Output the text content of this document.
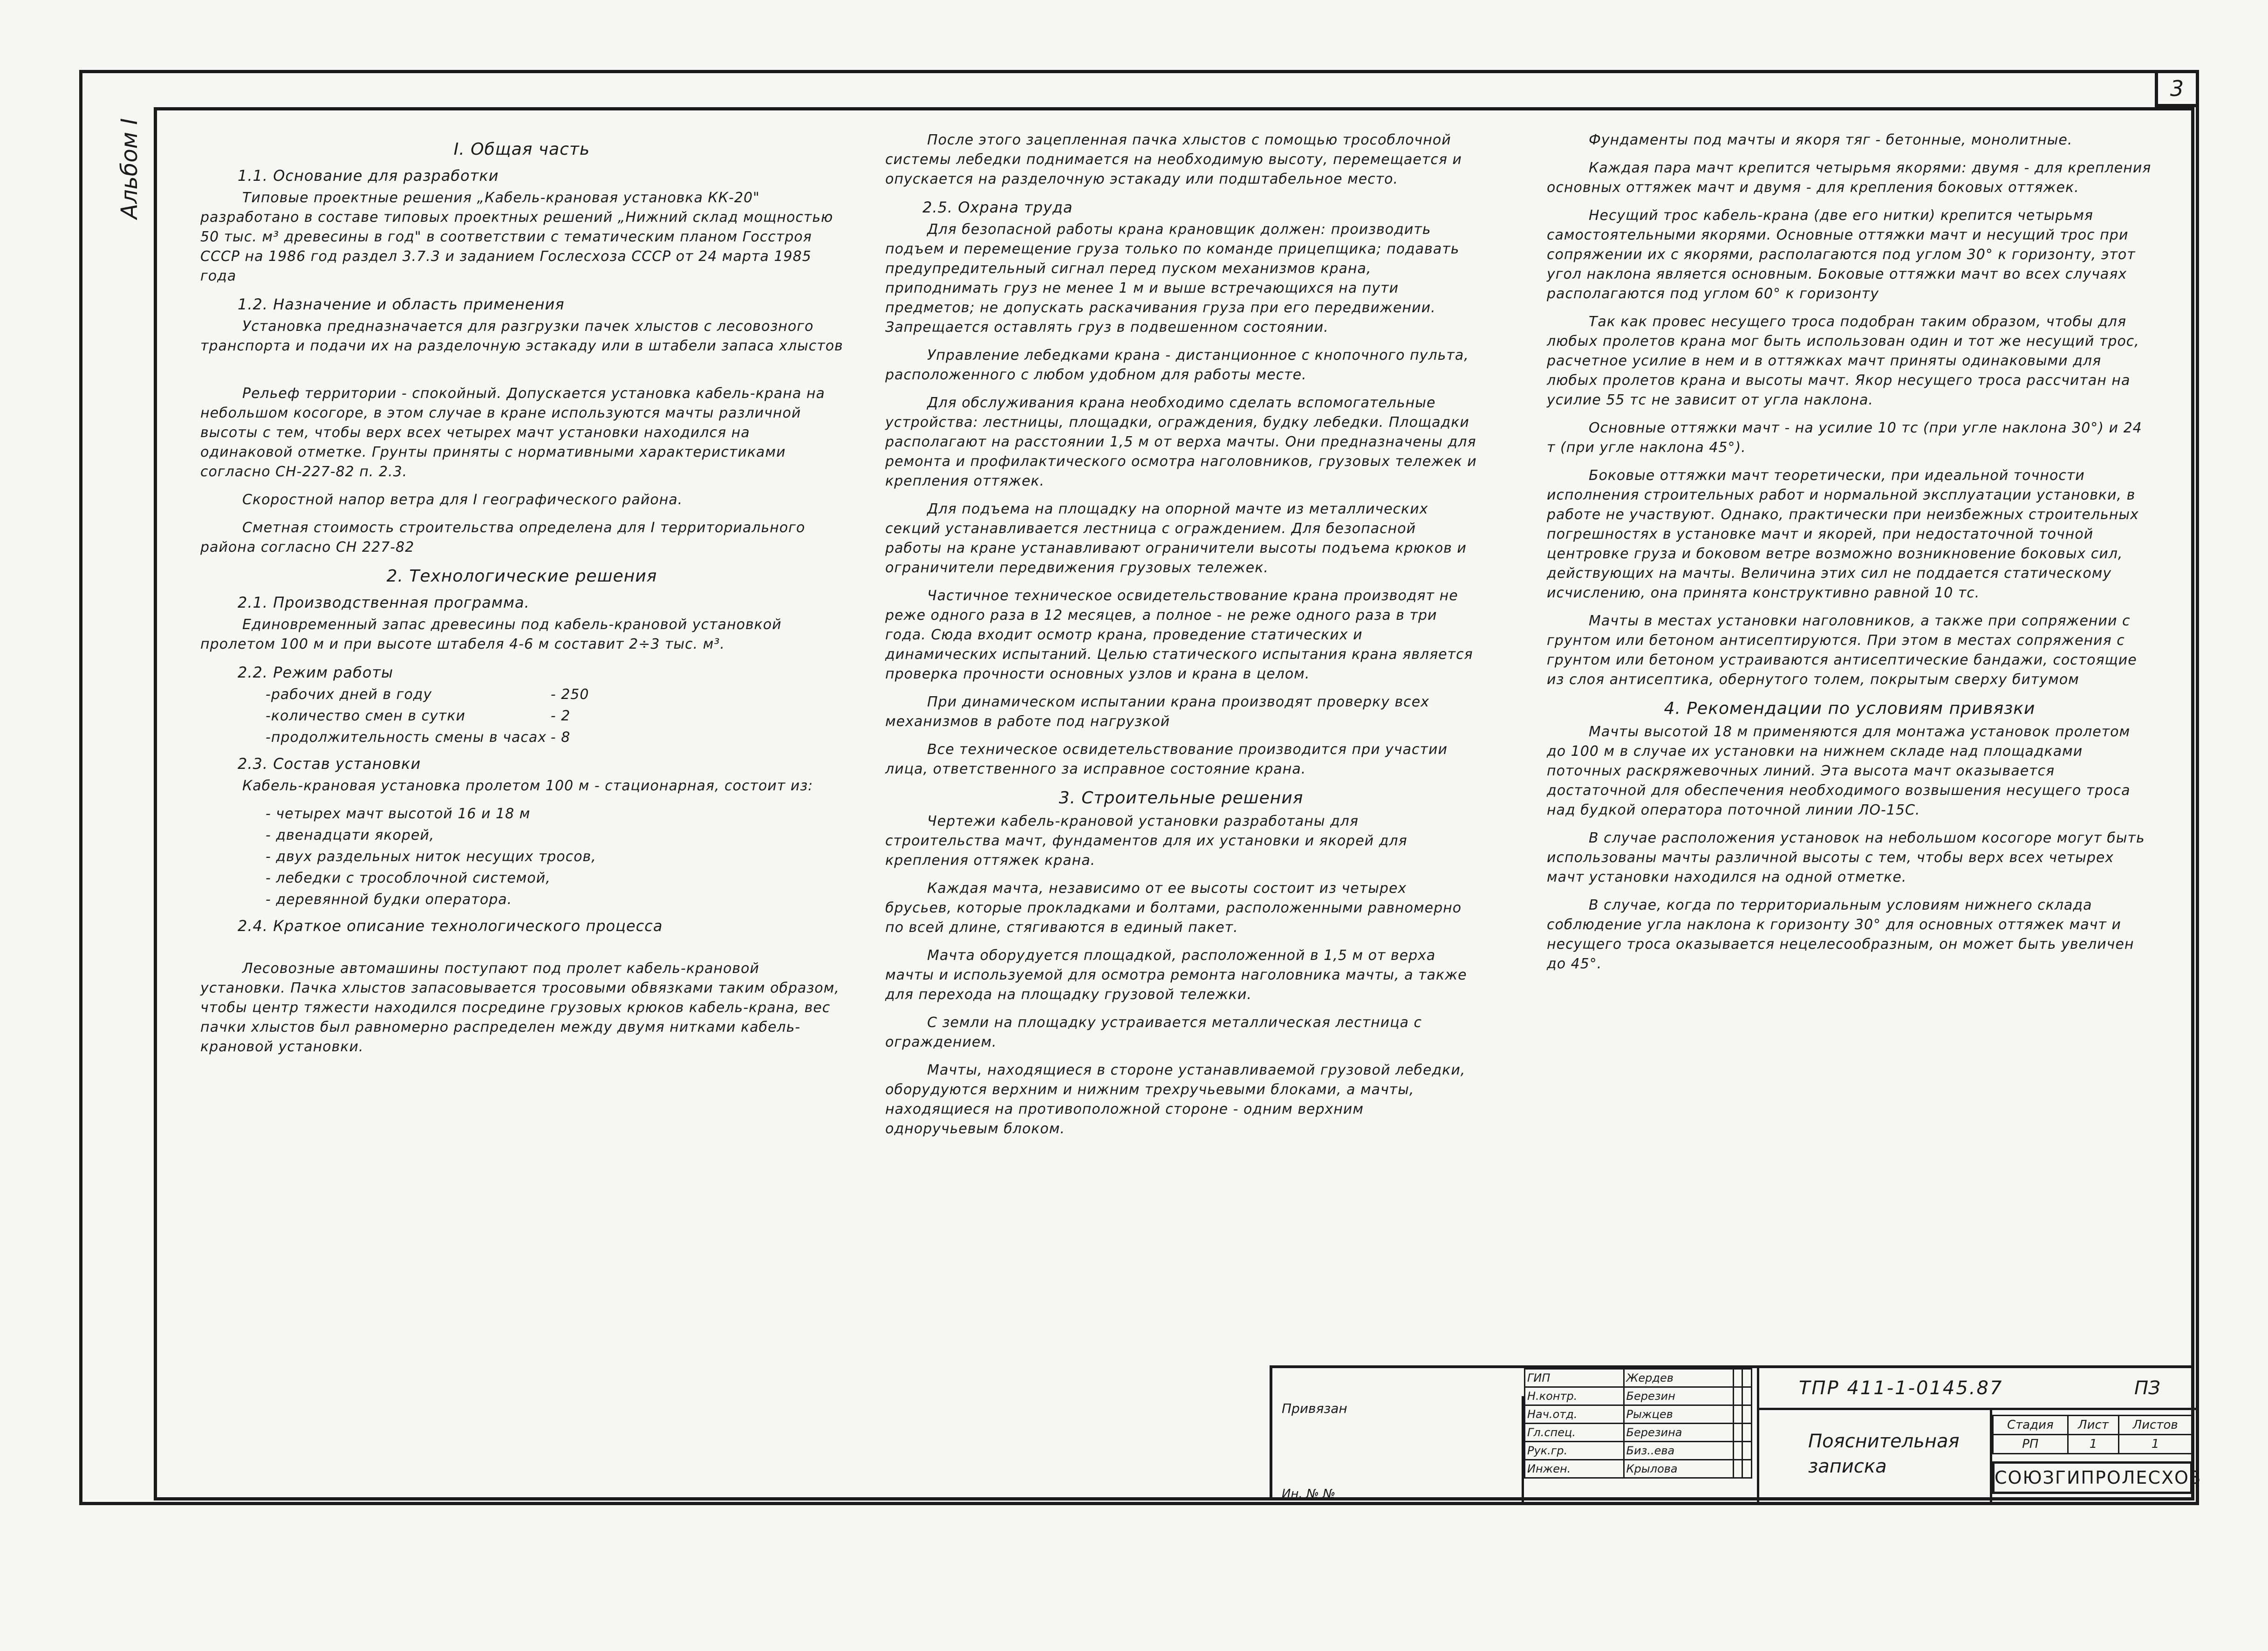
3
Альбом I	I. Общая часть
1.1. Основание для разработки

Типовые проектные решения „Кабель-крановая установка КК-20" разработано в составе типовых проектных решений „Нижний склад мощностью 50 тыс. м³ древесины в год" в соответствии с тематическим планом Госстроя СССР на 1986 год раздел 3.7.3 и заданием Гослесхоза СССР от 24 марта 1985 года

1.2. Назначение и область применения

Установка предназначается для разгрузки пачек хлыстов с лесовозного транспорта и подачи их на разделочную эстакаду или в штабели запаса хлыстов

Рельеф территории - спокойный. Допускается установка кабель-крана на небольшом косогоре, в этом случае в кране используются мачты различной высоты с тем, чтобы верх всех четырех мачт установки находился на одинаковой отметке. Грунты приняты с нормативными характеристиками согласно СН-227-82 п. 2.3.

Скоростной напор ветра для I географического района.

Сметная стоимость строительства определена для I территориального района согласно СН 227-82

2. Технологические решения
2.1. Производственная программа.

Единовременный запас древесины под кабель-крановой установкой пролетом 100 м и при высоте штабеля 4-6 м составит 2÷3 тыс. м³.

2.2. Режим работы
- рабочих дней в году	- 250
- количество смен в сутки	- 2
- продолжительность смены в часах - 8
2.3. Состав установки

Кабель-крановая установка пролетом 100 м - стационарная, состоит из:

- четырех мачт высотой 16 и 18 м
- двенадцати якорей,
- двух раздельных ниток несущих тросов,
- лебедки с трособлочной системой,
- деревянной будки оператора.
2.4. Краткое описание технологического процесса

Лесовозные автомашины поступают под пролет кабель-крановой установки. Пачка хлыстов запасовывается тросовыми обвязками таким образом, чтобы центр тяжести находился посредине грузовых крюков кабель-крана, вес пачки хлыстов был равномерно распределен между двумя нитками кабель-крановой установки.

После этого зацепленная пачка хлыстов с помощью трособлочной системы лебедки поднимается на необходимую высоту, перемещается и опускается на разделочную эстакаду или подштабельное место.

2.5. Охрана труда

Для безопасной работы крана крановщик должен: производить подъем и перемещение груза только по команде прицепщика; подавать предупредительный сигнал перед пуском механизмов крана, приподнимать груз не менее 1 м и выше встречающихся на пути предметов; не допускать раскачивания груза при его передвижении. Запрещается оставлять груз в подвешенном состоянии.

Управление лебедками крана - дистанционное с кнопочного пульта, расположенного с любом удобном для работы месте.

Для обслуживания крана необходимо сделать вспомогательные устройства: лестницы, площадки, ограждения, будку лебедки. Площадки располагают на расстоянии 1,5 м от верха мачты. Они предназначены для ремонта и профилактического осмотра наголовников, грузовых тележек и крепления оттяжек.

Для подъема на площадку на опорной мачте из металлических секций устанавливается лестница с ограждением. Для безопасной работы на кране устанавливают ограничители высоты подъема крюков и ограничители передвижения грузовых тележек.

Частичное техническое освидетельствование крана производят не реже одного раза в 12 месяцев, а полное - не реже одного раза в три года. Сюда входит осмотр крана, проведение статических и динамических испытаний. Целью статического испытания крана является проверка прочности основных узлов и крана в целом.

При динамическом испытании крана производят проверку всех механизмов в работе под нагрузкой

Все техническое освидетельствование производится при участии лица, ответственного за исправное состояние крана.

3. Строительные решения

Чертежи кабель-крановой установки разработаны для строительства мачт, фундаментов для их установки и якорей для крепления оттяжек крана.

Каждая мачта, независимо от ее высоты состоит из четырех брусьев, которые прокладками и болтами, расположенными равномерно по всей длине, стягиваются в единый пакет.

Мачта оборудуется площадкой, расположенной в 1,5 м от верха мачты и используемой для осмотра ремонта наголовника мачты, а также для перехода на площадку грузовой тележки.

С земли на площадку устраивается металлическая лестница с ограждением.

Мачты, находящиеся в стороне устанавливаемой грузовой лебедки, оборудуются верхним и нижним трехручьевыми блоками, а мачты, находящиеся на противоположной стороне - одним верхним однoручьевым блоком.

Фундаменты под мачты и якоря тяг - бетонные, монолитные.

Каждая пара мачт крепится четырьмя якорями: двумя - для крепления основных оттяжек мачт и двумя - для крепления боковых оттяжек.

Несущий трос кабель-крана (две его нитки) крепится четырьмя самостоятельными якорями. Основные оттяжки мачт и несущий трос при сопряжении их с якорями, располагаются под углом 30° к горизонту, этот угол наклона является основным. Боковые оттяжки мачт во всех случаях располагаются под углом 60° к горизонту

Так как провес несущего троса подобран таким образом, чтобы для любых пролетов крана мог быть использован один и тот же несущий трос, расчетное усилие в нем и в оттяжках мачт приняты одинаковыми для любых пролетов крана и высоты мачт. Якор несущего троса рассчитан на усилие 55 тс не зависит от угла наклона.

Основные оттяжки мачт - на усилие 10 тс (при угле наклона 30°) и 24 т (при угле наклона 45°).

Боковые оттяжки мачт теоретически, при идеальной точности исполнения строительных работ и нормальной эксплуатации установки, в работе не участвуют. Однако, практически при неизбежных строительных погрешностях в установке мачт и якорей, при недостаточной точной центровке груза и боковом ветре возможно возникновение боковых сил, действующих на мачты. Величина этих сил не поддается статическому исчислению, она принята конструктивно равной 10 тс.

Мачты в местах установки наголовников, а также при сопряжении с грунтом или бетоном антисептируются. При этом в местах сопряжения с грунтом или бетоном устраиваются антисептические бандажи, состоящие из слоя антисептика, обернутого толем, покрытым сверху битумом

4. Рекомендации по условиям привязки

Мачты высотой 18 м применяются для монтажа установок пролетом до 100 м в случае их установки на нижнем складе над площадками поточных раскряжевочных линий. Эта высота мачт оказывается достаточной для обеспечения необходимого возвышения несущего троса над будкой оператора поточной линии ЛО-15С.

В случае расположения установок на небольшом косогоре могут быть использованы мачты различной высоты с тем, чтобы верх всех четырех мачт установки находился на одной отметке.

В случае, когда по территориальным условиям нижнего склада соблюдение угла наклона к горизонту 30° для основных оттяжек мачт и несущего троса оказывается нецелесообразным, он может быть увеличен до 45°.

Привязан
Ин. № №
ГИП	Жердев		
Н.контр.	Березин		
Нач.отд.	Рыжцев		
Гл.спец.	Березина		
Рук.гр.	Биз..ева		
Инжен.	Крылова		
ТПР 411-1-0145.87	ПЗ
Пояснительная записка
Стадия	Лист	Листов
РП	1	1
СОЮЗГИПРОЛЕСХОЗ
